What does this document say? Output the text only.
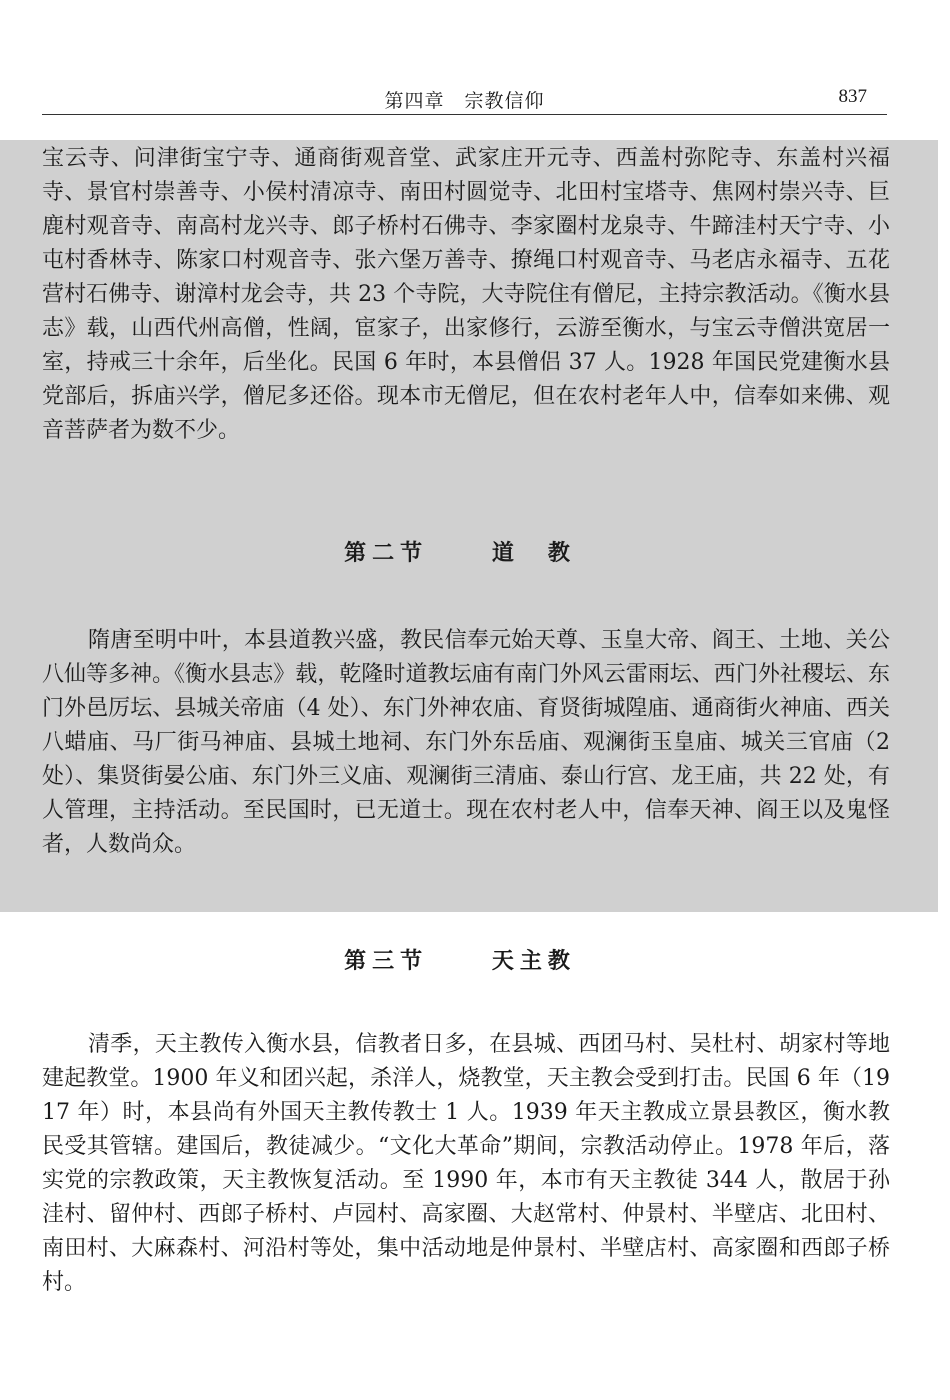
第四章　宗教信仰	837

宝云寺、问津街宝宁寺、通商街观音堂、武家庄开元寺、西盖村弥陀寺、东盖村兴福寺、景官村崇善寺、小侯村清凉寺、南田村圆觉寺、北田村宝塔寺、焦网村崇兴寺、巨鹿村观音寺、南高村龙兴寺、郎子桥村石佛寺、李家圈村龙泉寺、牛蹄洼村天宁寺、小屯村香林寺、陈家口村观音寺、张六堡万善寺、撩绳口村观音寺、马老店永福寺、五花营村石佛寺、谢漳村龙会寺，共 23 个寺院，大寺院住有僧尼，主持宗教活动。《衡水县志》载，山西代州高僧，性阔，宦家子，出家修行，云游至衡水，与宝云寺僧洪宽居一室，持戒三十余年，后坐化。民国 6 年时，本县僧侣 37 人。1928 年国民党建衡水县党部后，拆庙兴学，僧尼多还俗。现本市无僧尼，但在农村老年人中，信奉如来佛、观音菩萨者为数不少。

第二节	道　教

隋唐至明中叶，本县道教兴盛，教民信奉元始天尊、玉皇大帝、阎王、土地、关公八仙等多神。《衡水县志》载，乾隆时道教坛庙有南门外风云雷雨坛、西门外社稷坛、东门外邑厉坛、县城关帝庙（4 处）、东门外神农庙、育贤街城隍庙、通商街火神庙、西关八蜡庙、马厂街马神庙、县城土地祠、东门外东岳庙、观澜街玉皇庙、城关三官庙（2 处）、集贤街晏公庙、东门外三义庙、观澜街三清庙、泰山行宫、龙王庙，共 22 处，有人管理，主持活动。至民国时，已无道士。现在农村老人中，信奉天神、阎王以及鬼怪者，人数尚众。

第三节	天主教

清季，天主教传入衡水县，信教者日多，在县城、西团马村、吴杜村、胡家村等地建起教堂。1900 年义和团兴起，杀洋人，烧教堂，天主教会受到打击。民国 6 年（1917 年）时，本县尚有外国天主教传教士 1 人。1939 年天主教成立景县教区，衡水教民受其管辖。建国后，教徒减少。“文化大革命”期间，宗教活动停止。1978 年后，落实党的宗教政策，天主教恢复活动。至 1990 年，本市有天主教徒 344 人，散居于孙洼村、留仲村、西郎子桥村、卢园村、高家圈、大赵常村、仲景村、半壁店、北田村、南田村、大麻森村、河沿村等处，集中活动地是仲景村、半壁店村、高家圈和西郎子桥村。
